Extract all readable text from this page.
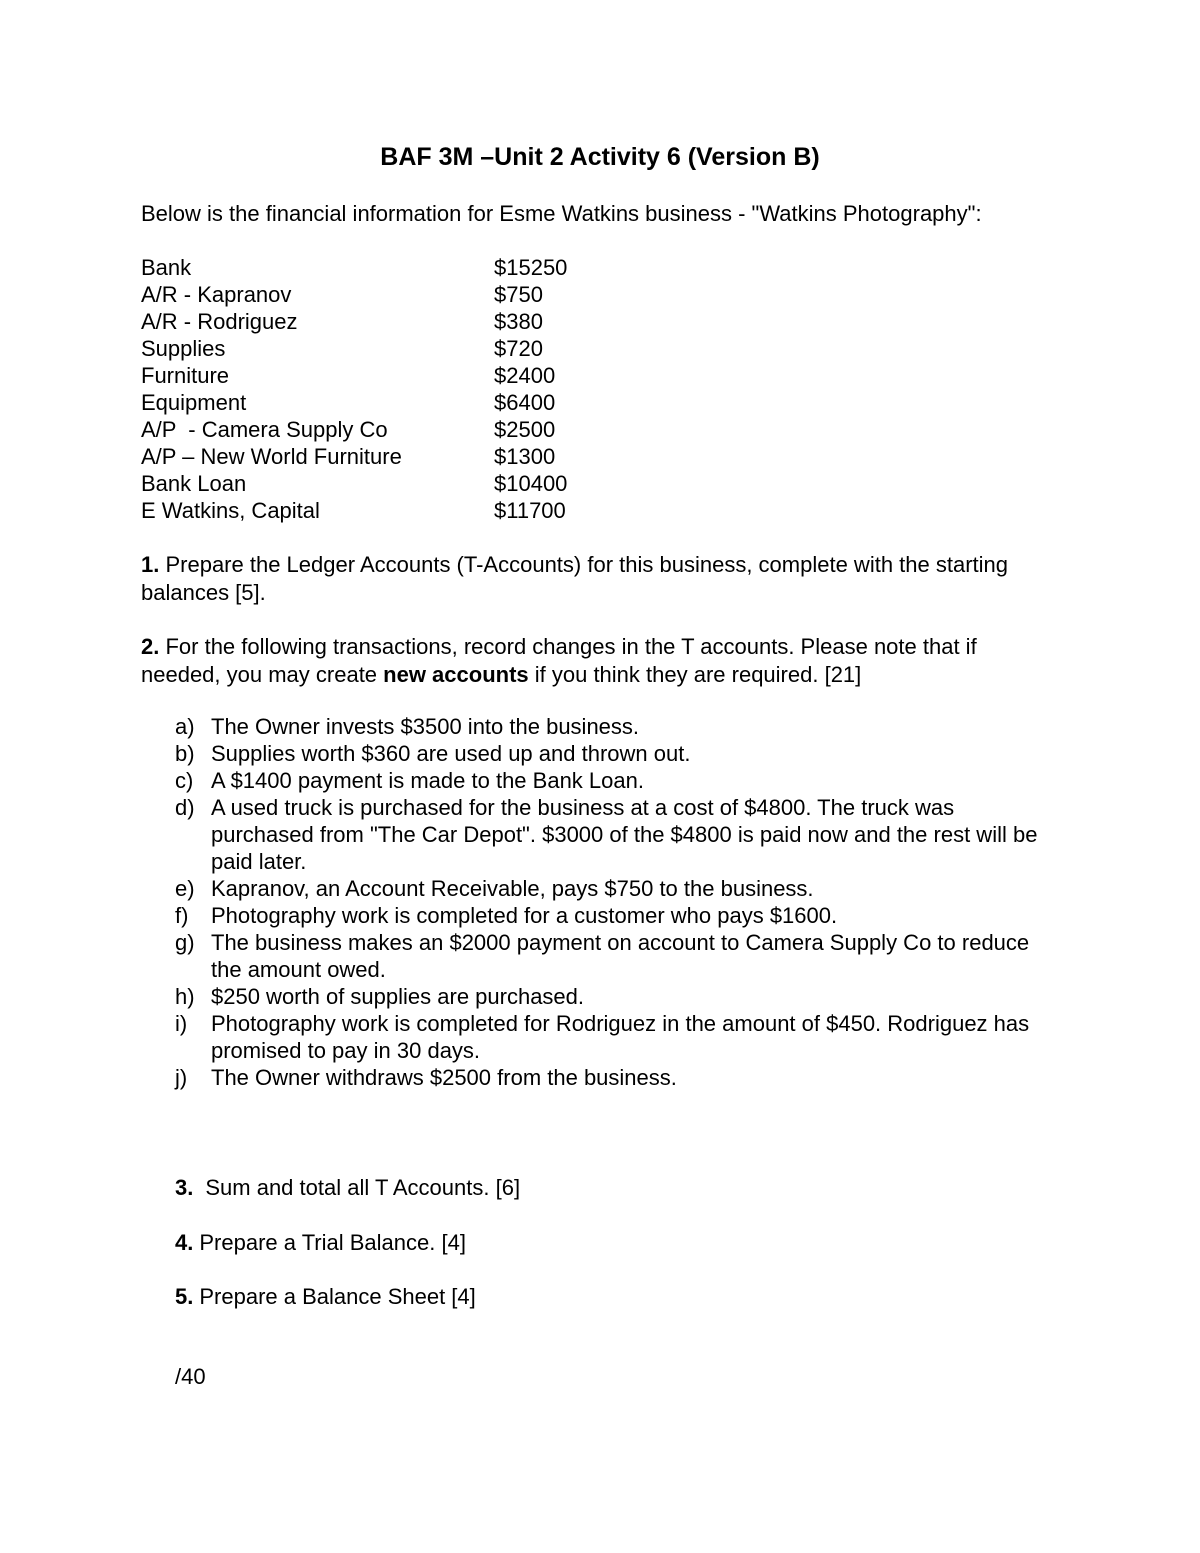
BAF 3M –Unit 2 Activity 6 (Version B)
Below is the financial information for Esme Watkins business - "Watkins Photography":
Bank	$15250
A/R - Kapranov	$750
A/R - Rodriguez	$380
Supplies	$720
Furniture	$2400
Equipment	$6400
A/P  - Camera Supply Co	$2500
A/P – New World Furniture	$1300
Bank Loan	$10400
E Watkins, Capital	$11700
1. Prepare the Ledger Accounts (T-Accounts) for this business, complete with the starting balances [5].
2. For the following transactions, record changes in the T accounts. Please note that if needed, you may create new accounts if you think they are required. [21]
a) The Owner invests $3500 into the business.
b) Supplies worth $360 are used up and thrown out.
c) A $1400 payment is made to the Bank Loan.
d) A used truck is purchased for the business at a cost of $4800. The truck was purchased from "The Car Depot". $3000 of the $4800 is paid now and the rest will be paid later.
e) Kapranov, an Account Receivable, pays $750 to the business.
f) Photography work is completed for a customer who pays $1600.
g) The business makes an $2000 payment on account to Camera Supply Co to reduce the amount owed.
h) $250 worth of supplies are purchased.
i) Photography work is completed for Rodriguez in the amount of $450. Rodriguez has promised to pay in 30 days.
j) The Owner withdraws $2500 from the business.
3. Sum and total all T Accounts. [6]
4. Prepare a Trial Balance. [4]
5. Prepare a Balance Sheet [4]
/40
